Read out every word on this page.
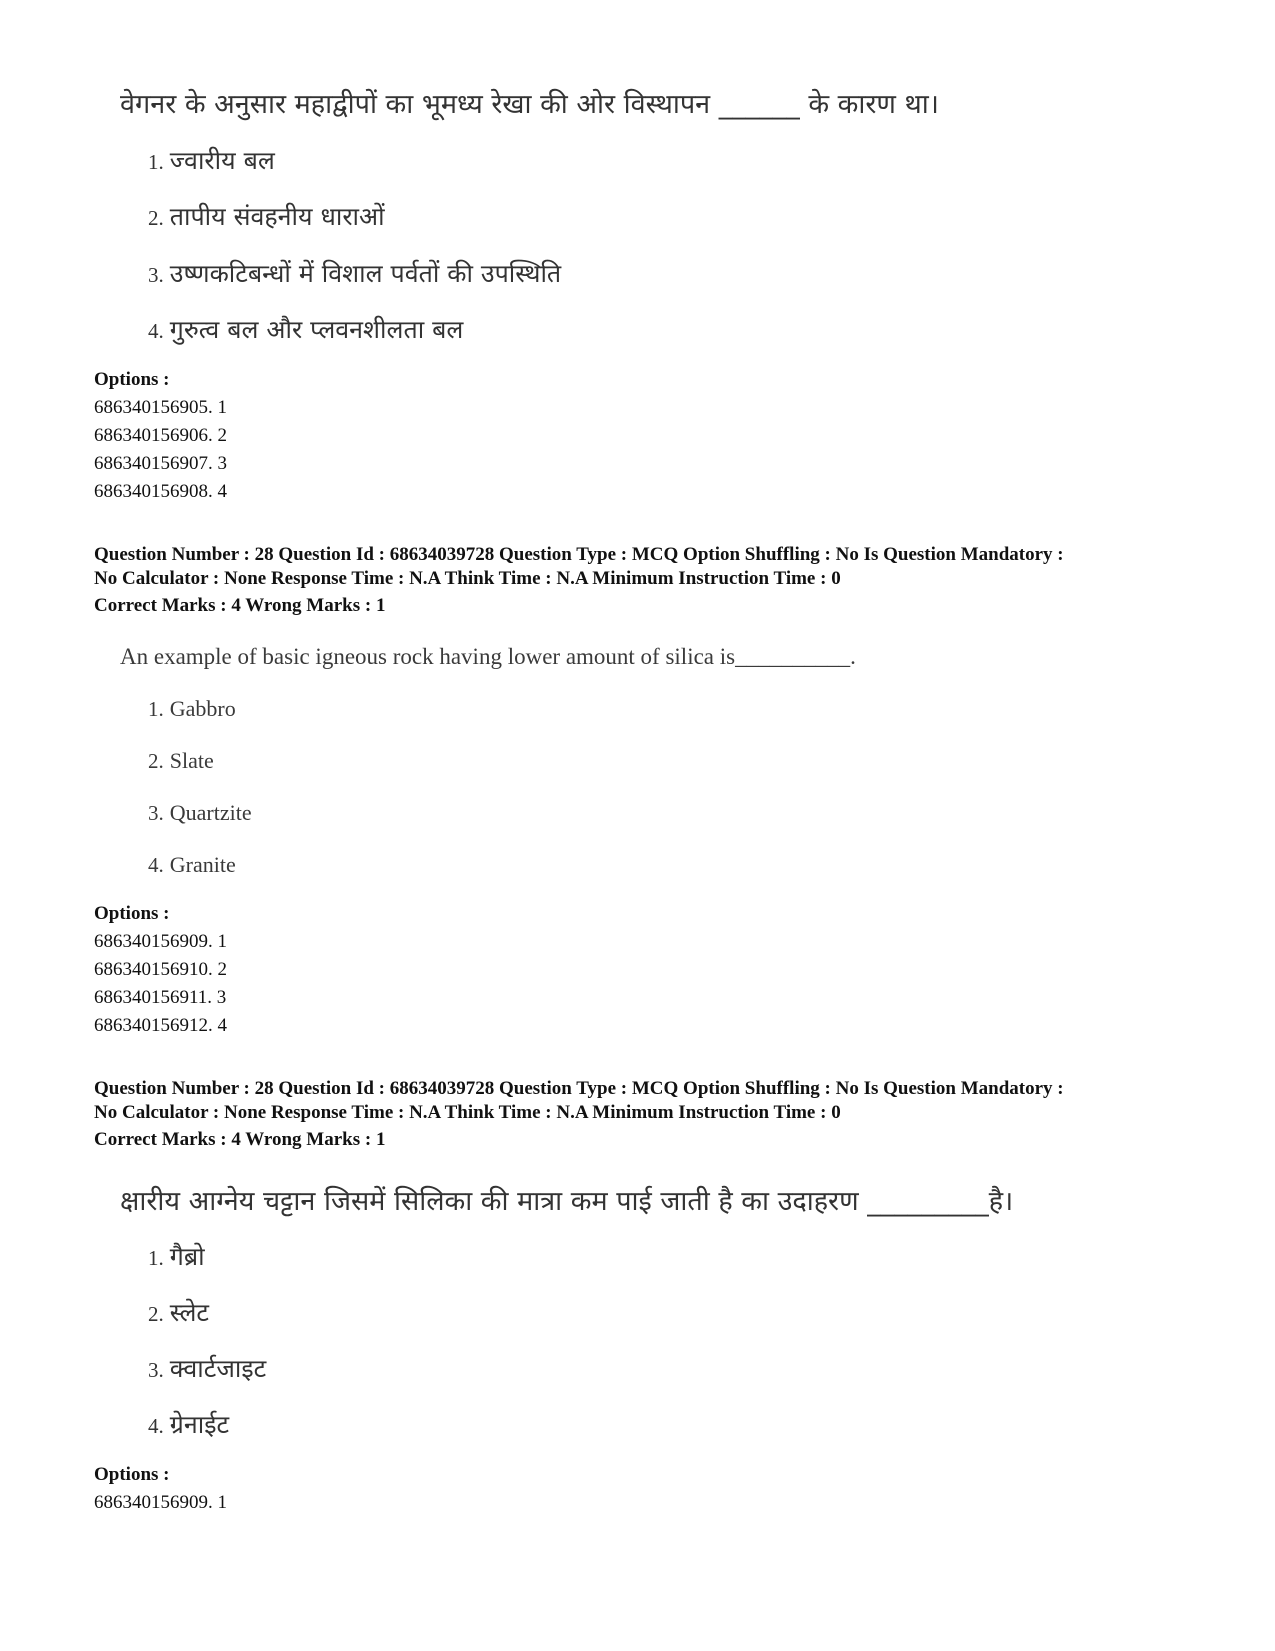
वेगनर के अनुसार महाद्वीपों का भूमध्य रेखा की ओर विस्थापन ______ के कारण था।
1. ज्वारीय बल
2. तापीय संवहनीय धाराओं
3. उष्णकटिबन्धों में विशाल पर्वतों की उपस्थिति
4. गुरुत्व बल और प्लवनशीलता बल
Options :
686340156905. 1
686340156906. 2
686340156907. 3
686340156908. 4
Question Number : 28 Question Id : 68634039728 Question Type : MCQ Option Shuffling : No Is Question Mandatory :
No Calculator : None Response Time : N.A Think Time : N.A Minimum Instruction Time : 0
Correct Marks : 4 Wrong Marks : 1
An example of basic igneous rock having lower amount of silica is__________.
1. Gabbro
2. Slate
3. Quartzite
4. Granite
Options :
686340156909. 1
686340156910. 2
686340156911. 3
686340156912. 4
Question Number : 28 Question Id : 68634039728 Question Type : MCQ Option Shuffling : No Is Question Mandatory :
No Calculator : None Response Time : N.A Think Time : N.A Minimum Instruction Time : 0
Correct Marks : 4 Wrong Marks : 1
क्षारीय आग्नेय चट्टान जिसमें सिलिका की मात्रा कम पाई जाती है का उदाहरण _________है।
1. गैब्रो
2. स्लेट
3. क्वार्टजाइट
4. ग्रेनाईट
Options :
686340156909. 1
